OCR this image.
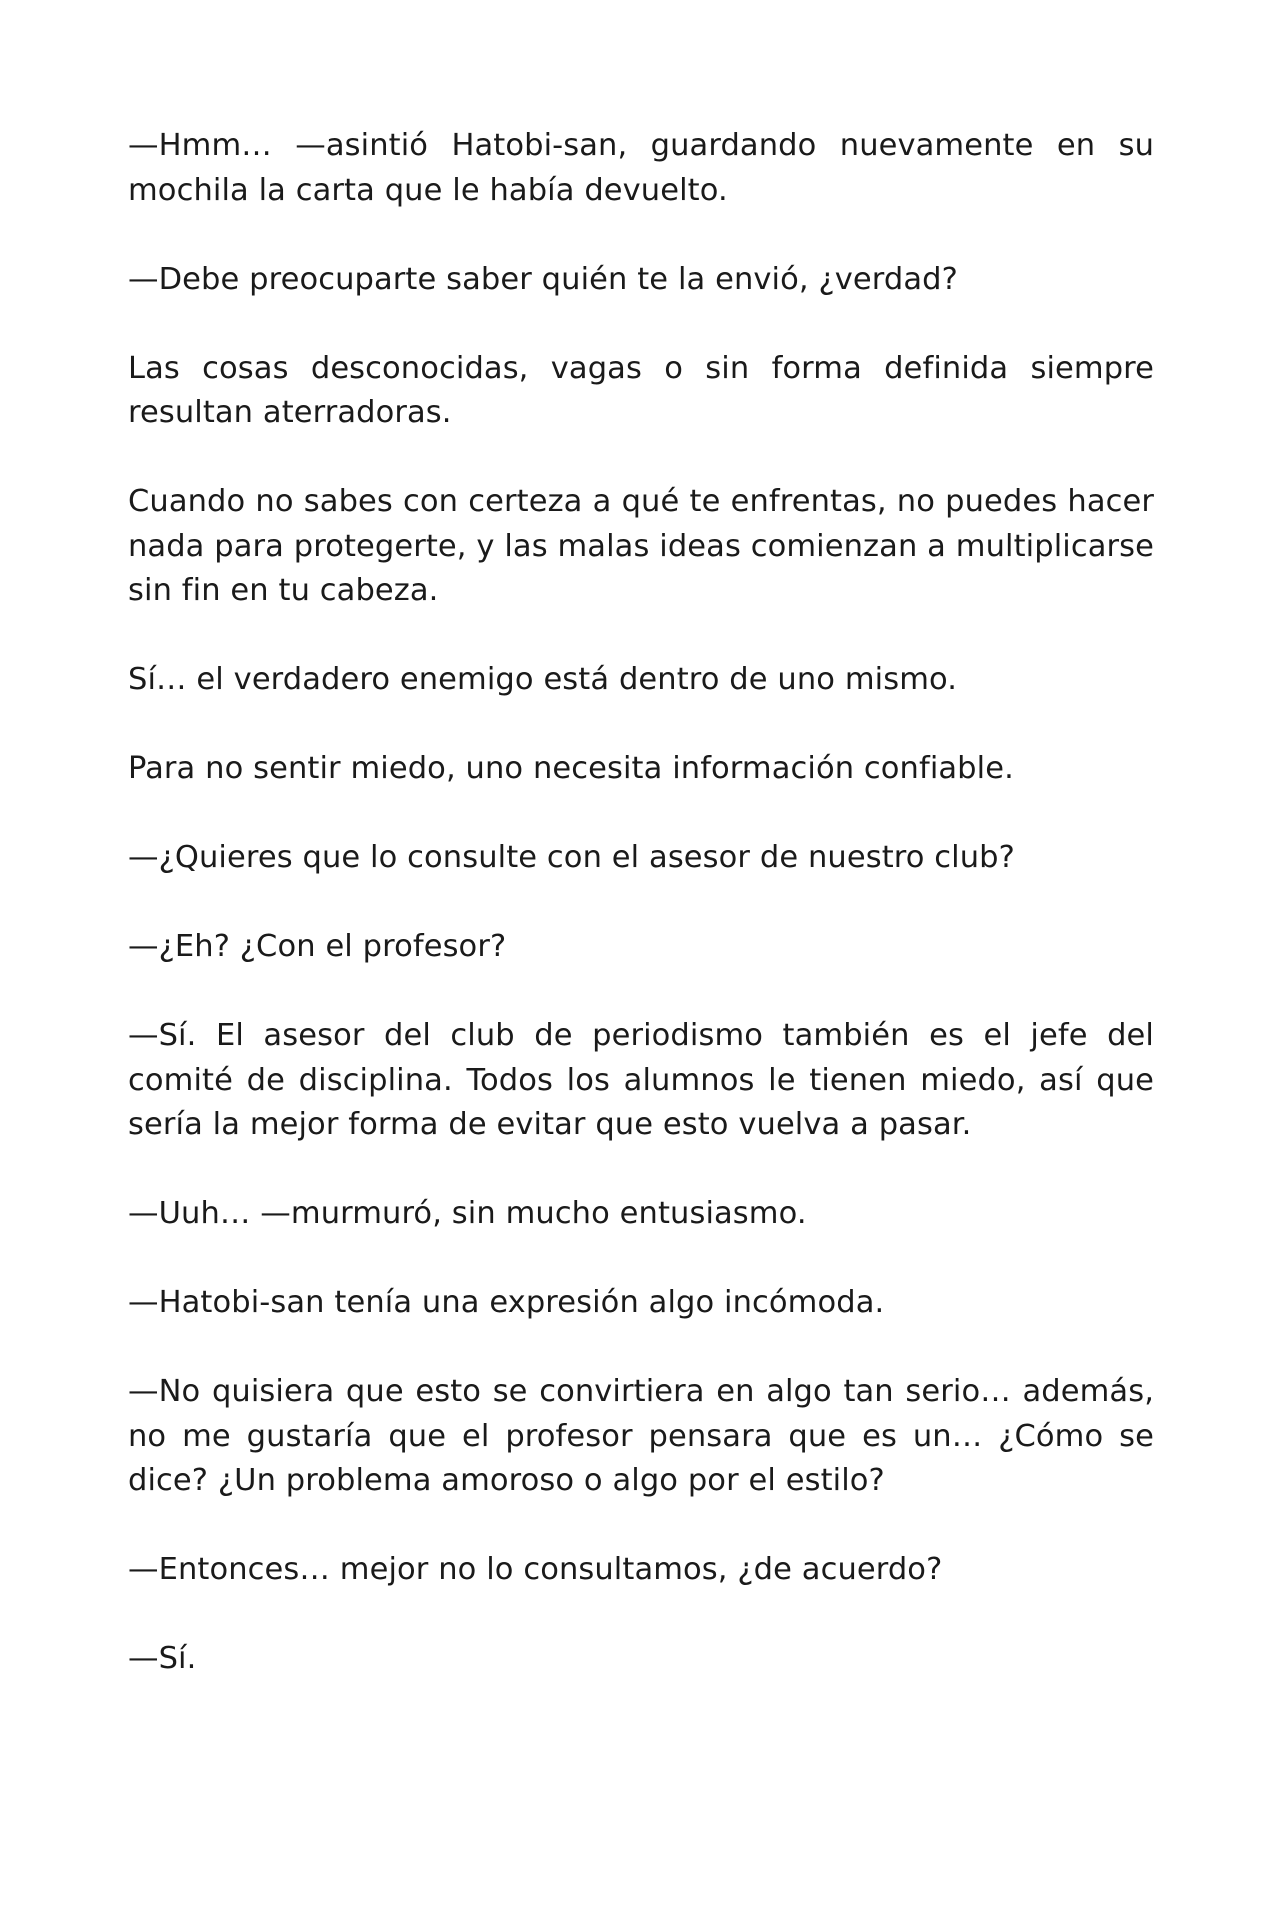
—Hmm… —asintió Hatobi-san, guardando nuevamente en su mochila la carta que le había devuelto.

—Debe preocuparte saber quién te la envió, ¿verdad?

Las cosas desconocidas, vagas o sin forma definida siempre resultan aterradoras.

Cuando no sabes con certeza a qué te enfrentas, no puedes hacer nada para protegerte, y las malas ideas comienzan a multiplicarse sin fin en tu cabeza.

Sí… el verdadero enemigo está dentro de uno mismo.

Para no sentir miedo, uno necesita información confiable.

—¿Quieres que lo consulte con el asesor de nuestro club?

—¿Eh? ¿Con el profesor?

—Sí. El asesor del club de periodismo también es el jefe del comité de disciplina. Todos los alumnos le tienen miedo, así que sería la mejor forma de evitar que esto vuelva a pasar.

—Uuh… —murmuró, sin mucho entusiasmo.

—Hatobi-san tenía una expresión algo incómoda.

—No quisiera que esto se convirtiera en algo tan serio… además, no me gustaría que el profesor pensara que es un… ¿Cómo se dice? ¿Un problema amoroso o algo por el estilo?

—Entonces… mejor no lo consultamos, ¿de acuerdo?

—Sí.
